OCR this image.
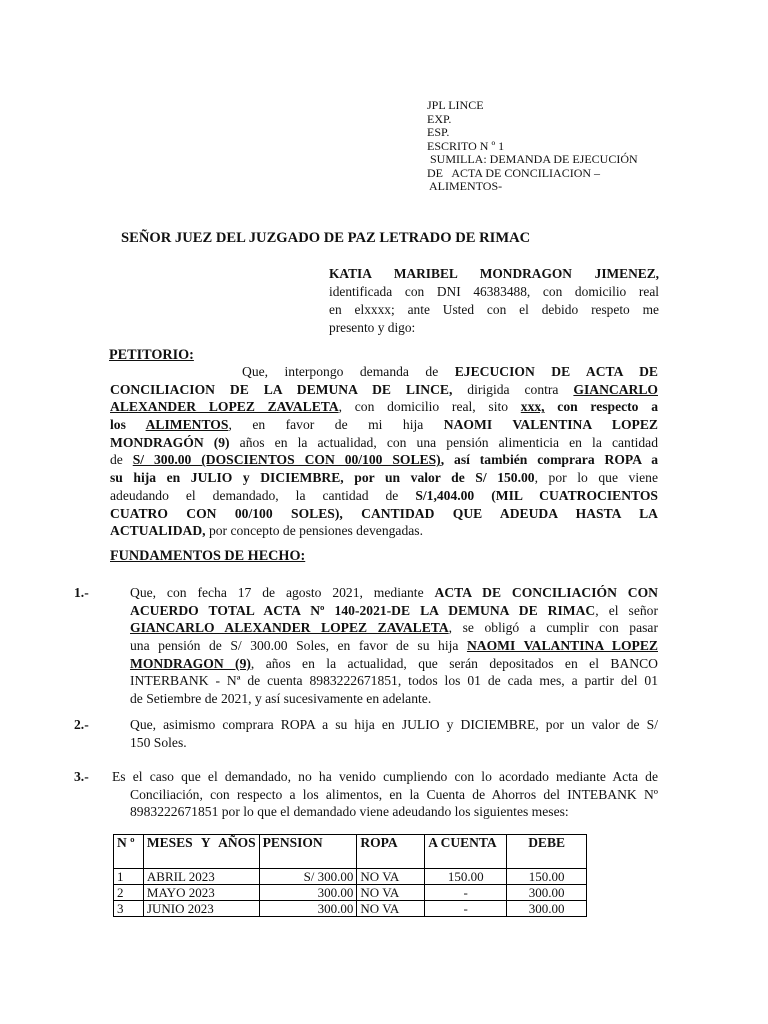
JPL LINCE
EXP.
ESP.
ESCRITO N º 1
SUMILLA: DEMANDA DE EJECUCIÓN
DE   ACTA DE CONCILIACION –
ALIMENTOS-
SEÑOR JUEZ DEL JUZGADO DE PAZ LETRADO DE RIMAC
KATIA MARIBEL MONDRAGON JIMENEZ,
identificada con DNI 46383488, con domicilio real
en elxxxx; ante Usted con el debido respeto me
presento y digo:
PETITORIO:
Que, interpongo demanda de EJECUCION DE ACTA DE
CONCILIACION DE LA DEMUNA DE LINCE, dirigida contra GIANCARLO
ALEXANDER LOPEZ ZAVALETA, con domicilio real, sito xxx, con respecto a
los ALIMENTOS, en favor de mi hija NAOMI VALENTINA LOPEZ
MONDRAGÓN (9) años en la actualidad, con una pensión alimenticia en la cantidad
de S/ 300.00 (DOSCIENTOS CON 00/100 SOLES), así también comprara ROPA a
su hija en JULIO y DICIEMBRE, por un valor de S/ 150.00, por lo que viene
adeudando el demandado, la cantidad de S/1,404.00 (MIL CUATROCIENTOS
CUATRO CON 00/100 SOLES), CANTIDAD QUE ADEUDA HASTA LA
ACTUALIDAD, por concepto de pensiones devengadas.
FUNDAMENTOS DE HECHO:
1.-	Que, con fecha 17 de agosto 2021, mediante ACTA DE CONCILIACIÓN CON
ACUERDO TOTAL ACTA Nº 140-2021-DE LA DEMUNA DE RIMAC, el señor
GIANCARLO ALEXANDER LOPEZ ZAVALETA, se obligó a cumplir con pasar
una pensión de S/ 300.00 Soles, en favor de su hija NAOMI VALANTINA LOPEZ
MONDRAGON (9), años en la actualidad, que serán depositados en el BANCO
INTERBANK - Nª de cuenta 8983222671851, todos los 01 de cada mes, a partir del 01
de Setiembre de 2021, y así sucesivamente en adelante.
2.-	Que, asimismo comprara ROPA a su hija en JULIO y DICIEMBRE, por un valor de S/
150 Soles.
3.- Es el caso que el demandado, no ha venido cumpliendo con lo acordado mediante Acta de
Conciliación, con respecto a los alimentos, en la Cuenta de Ahorros del INTEBANK Nº
8983222671851 por lo que el demandado viene adeudando los siguientes meses:
N º	MESES Y AÑOS	PENSION	ROPA	A CUENTA	DEBE

1	ABRIL 2023	S/ 300.00	NO VA	150.00	150.00
2	MAYO 2023	300.00	NO VA	-	300.00
3	JUNIO 2023	300.00	NO VA	-	300.00
